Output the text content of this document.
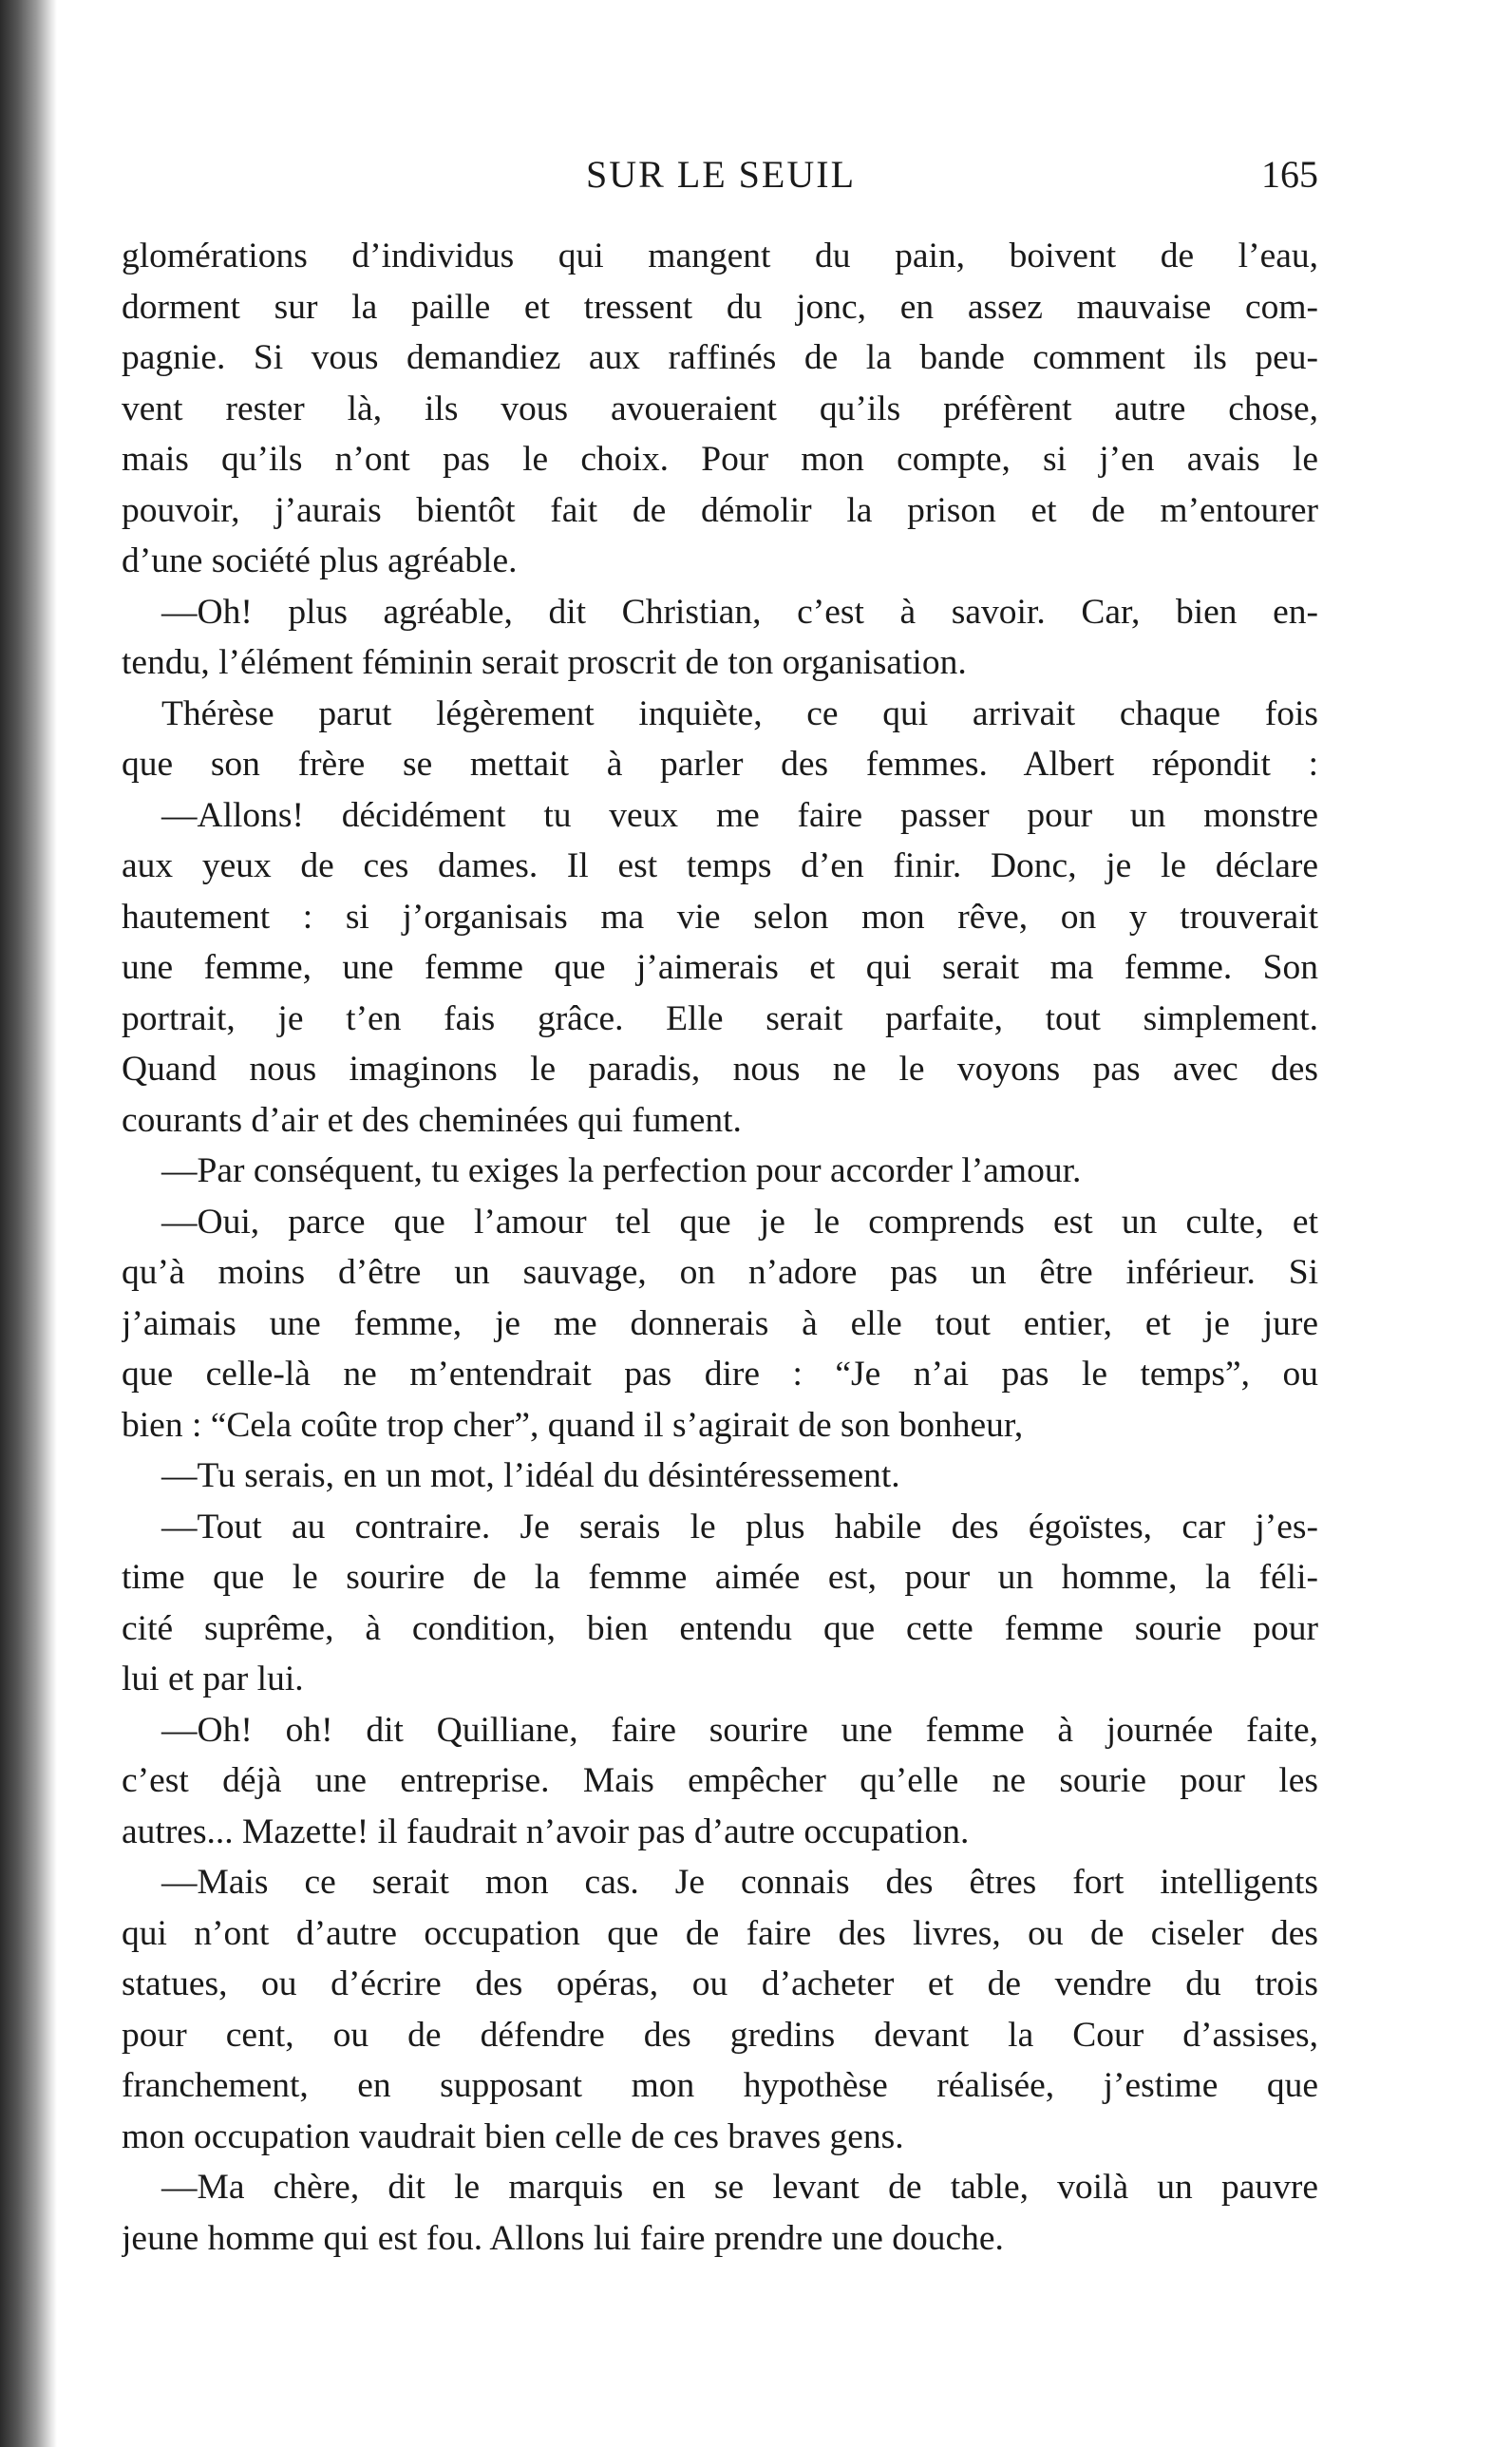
SUR LE SEUIL	165
glomérations d’individus qui mangent du pain, boivent de l’eau,
dorment sur la paille et tressent du jonc, en assez mauvaise com-
pagnie. Si vous demandiez aux raffinés de la bande comment ils peu-
vent rester là, ils vous avoueraient qu’ils préfèrent autre chose,
mais qu’ils n’ont pas le choix. Pour mon compte, si j’en avais le
pouvoir, j’aurais bientôt fait de démolir la prison et de m’entourer
d’une société plus agréable.
—Oh! plus agréable, dit Christian, c’est à savoir. Car, bien en-
tendu, l’élément féminin serait proscrit de ton organisation.
Thérèse parut légèrement inquiète, ce qui arrivait chaque fois
que son frère se mettait à parler des femmes. Albert répondit :
—Allons! décidément tu veux me faire passer pour un monstre
aux yeux de ces dames. Il est temps d’en finir. Donc, je le déclare
hautement : si j’organisais ma vie selon mon rêve, on y trouverait
une femme, une femme que j’aimerais et qui serait ma femme. Son
portrait, je t’en fais grâce. Elle serait parfaite, tout simplement.
Quand nous imaginons le paradis, nous ne le voyons pas avec des
courants d’air et des cheminées qui fument.
—Par conséquent, tu exiges la perfection pour accorder l’amour.
—Oui, parce que l’amour tel que je le comprends est un culte, et
qu’à moins d’être un sauvage, on n’adore pas un être inférieur. Si
j’aimais une femme, je me donnerais à elle tout entier, et je jure
que celle-là ne m’entendrait pas dire : “Je n’ai pas le temps”, ou
bien : “Cela coûte trop cher”, quand il s’agirait de son bonheur,
—Tu serais, en un mot, l’idéal du désintéressement.
—Tout au contraire. Je serais le plus habile des égoïstes, car j’es-
time que le sourire de la femme aimée est, pour un homme, la féli-
cité suprême, à condition, bien entendu que cette femme sourie pour
lui et par lui.
—Oh! oh! dit Quilliane, faire sourire une femme à journée faite,
c’est déjà une entreprise. Mais empêcher qu’elle ne sourie pour les
autres... Mazette! il faudrait n’avoir pas d’autre occupation.
—Mais ce serait mon cas. Je connais des êtres fort intelligents
qui n’ont d’autre occupation que de faire des livres, ou de ciseler des
statues, ou d’écrire des opéras, ou d’acheter et de vendre du trois
pour cent, ou de défendre des gredins devant la Cour d’assises,
franchement, en supposant mon hypothèse réalisée, j’estime que
mon occupation vaudrait bien celle de ces braves gens.
—Ma chère, dit le marquis en se levant de table, voilà un pauvre
jeune homme qui est fou. Allons lui faire prendre une douche.
